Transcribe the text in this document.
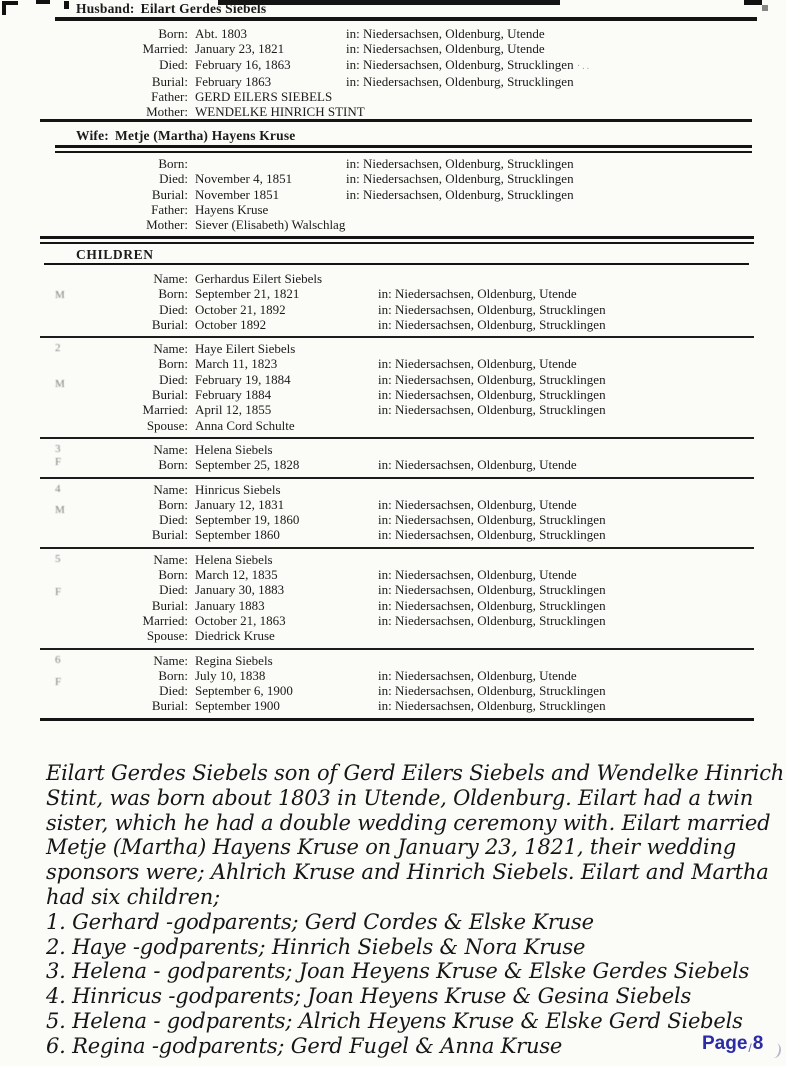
Husband: Eilart Gerdes Siebels
Born: Abt. 1803	in: Niedersachsen, Oldenburg, Utende
Married: January 23, 1821	in: Niedersachsen, Oldenburg, Utende
Died: February 16, 1863	in: Niedersachsen, Oldenburg, Strucklingen ·..
Burial: February 1863	in: Niedersachsen, Oldenburg, Strucklingen
Father: GERD EILERS SIEBELS
Mother: WENDELKE HINRICH STINT
Wife: Metje (Martha) Hayens Kruse
Born:	in: Niedersachsen, Oldenburg, Strucklingen
Died: November 4, 1851	in: Niedersachsen, Oldenburg, Strucklingen
Burial: November 1851	in: Niedersachsen, Oldenburg, Strucklingen
Father: Hayens Kruse
Mother: Siever (Elisabeth) Walschlag
CHILDREN
M
Name: Gerhardus Eilert Siebels
Born: September 21, 1821	in: Niedersachsen, Oldenburg, Utende
Died: October 21, 1892	in: Niedersachsen, Oldenburg, Strucklingen
Burial: October 1892	in: Niedersachsen, Oldenburg, Strucklingen
2
M
Name: Haye Eilert Siebels
Born: March 11, 1823	in: Niedersachsen, Oldenburg, Utende
Died: February 19, 1884	in: Niedersachsen, Oldenburg, Strucklingen
Burial: February 1884	in: Niedersachsen, Oldenburg, Strucklingen
Married: April 12, 1855	in: Niedersachsen, Oldenburg, Strucklingen
Spouse: Anna Cord Schulte
3
F
Name: Helena Siebels
Born: September 25, 1828	in: Niedersachsen, Oldenburg, Utende
4
M
Name: Hinricus Siebels
Born: January 12, 1831	in: Niedersachsen, Oldenburg, Utende
Died: September 19, 1860	in: Niedersachsen, Oldenburg, Strucklingen
Burial: September 1860	in: Niedersachsen, Oldenburg, Strucklingen
5
F
Name: Helena Siebels
Born: March 12, 1835	in: Niedersachsen, Oldenburg, Utende
Died: January 30, 1883	in: Niedersachsen, Oldenburg, Strucklingen
Burial: January 1883	in: Niedersachsen, Oldenburg, Strucklingen
Married: October 21, 1863	in: Niedersachsen, Oldenburg, Strucklingen
Spouse: Diedrick Kruse
6
F
Name: Regina Siebels
Born: July 10, 1838	in: Niedersachsen, Oldenburg, Utende
Died: September 6, 1900	in: Niedersachsen, Oldenburg, Strucklingen
Burial: September 1900	in: Niedersachsen, Oldenburg, Strucklingen
Eilart Gerdes Siebels son of Gerd Eilers Siebels and Wendelke Hinrich
Stint, was born about 1803 in Utende, Oldenburg. Eilart had a twin
sister, which he had a double wedding ceremony with. Eilart married
Metje (Martha) Hayens Kruse on January 23, 1821, their wedding
sponsors were; Ahlrich Kruse and Hinrich Siebels. Eilart and Martha
had six children;
1. Gerhard -godparents; Gerd Cordes & Elske Kruse
2. Haye -godparents; Hinrich Siebels & Nora Kruse
3. Helena - godparents; Joan Heyens Kruse & Elske Gerdes Siebels
4. Hinricus -godparents; Joan Heyens Kruse & Gesina Siebels
5. Helena - godparents; Alrich Heyens Kruse & Elske Gerd Siebels
6. Regina -godparents; Gerd Fugel & Anna Kruse	Page/8
